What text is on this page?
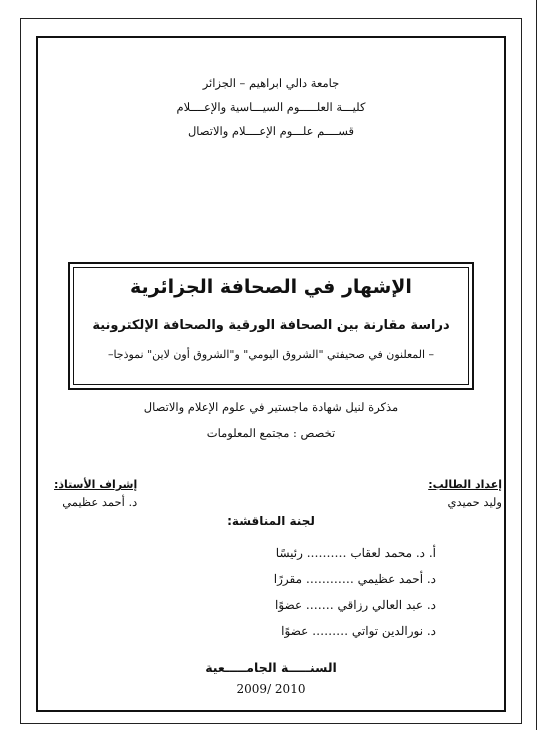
جامعة دالي ابراهيم – الجزائر
كليـــة العلـــــوم السيـــاسية والإعــــلام
قســــم علـــوم الإعــــلام والاتصال
الإشهار في الصحافة الجزائرية
دراسة مقارنة بين الصحافة الورقية والصحافة الإلكترونية
– المعلنون في صحيفتي "الشروق اليومي" و"الشروق أون لاين" نموذجا–
مذكرة لنيل شهادة ماجستير في علوم الإعلام والاتصال
تخصص : مجتمع المعلومات
إعداد الطالب:
وليد حميدي
إشراف الأستاذ:
د. أحمد عظيمي
لجنة المناقشة:
أ. د. محمد لعقاب ………. رئيسًا
د. أحمد عظيمي ………… مقررًا
د. عبد العالي رزاقي ……. عضوًا
د. نورالدين تواتي ……… عضوًا
السنـــــة الجامـــــعية
2010 /2009
